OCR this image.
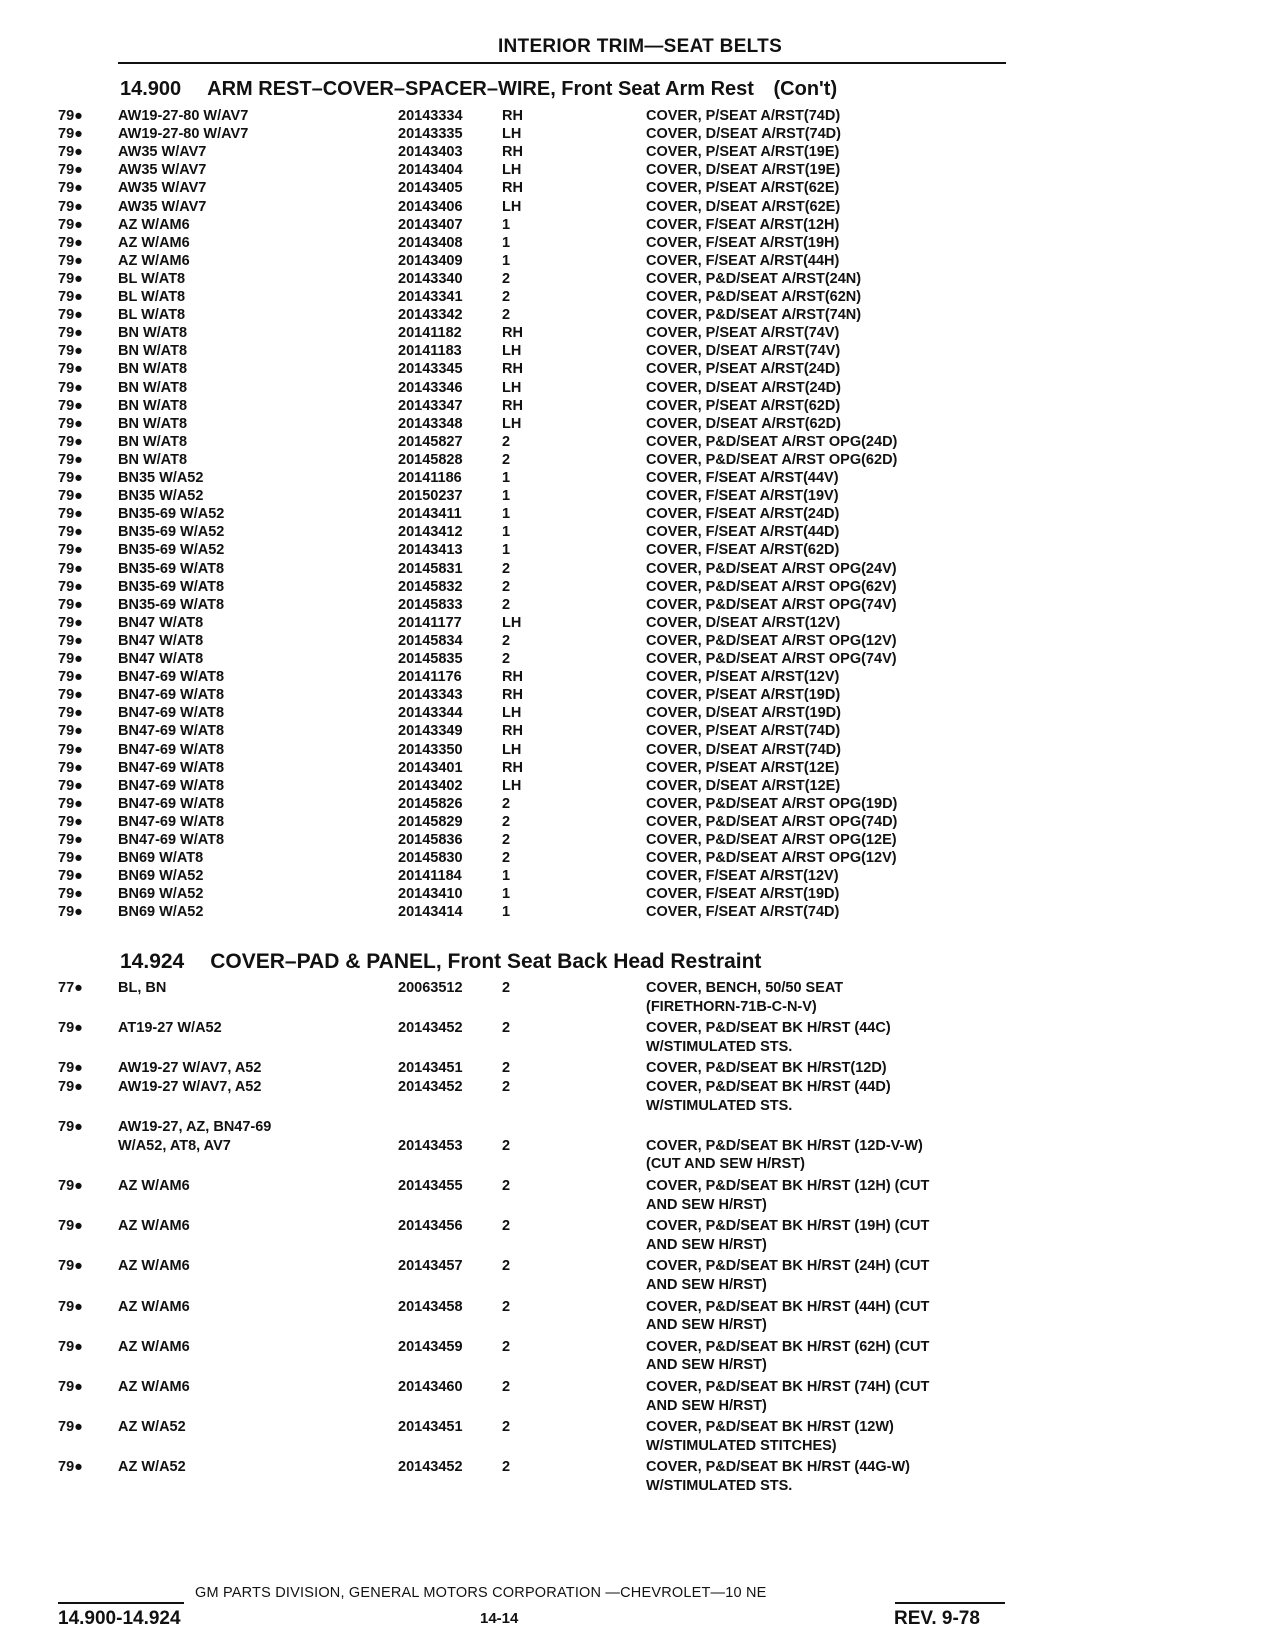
INTERIOR TRIM—SEAT BELTS
14.900 ARM REST–COVER–SPACER–WIRE, Front Seat Arm Rest (Con't)
79● AW19-27-80 W/AV7	20143334	RH	COVER, P/SEAT A/RST(74D)
79● AW19-27-80 W/AV7	20143335	LH	COVER, D/SEAT A/RST(74D)
79● AW35 W/AV7	20143403	RH	COVER, P/SEAT A/RST(19E)
79● AW35 W/AV7	20143404	LH	COVER, D/SEAT A/RST(19E)
79● AW35 W/AV7	20143405	RH	COVER, P/SEAT A/RST(62E)
79● AW35 W/AV7	20143406	LH	COVER, D/SEAT A/RST(62E)
79● AZ W/AM6	20143407	1	COVER, F/SEAT A/RST(12H)
79● AZ W/AM6	20143408	1	COVER, F/SEAT A/RST(19H)
79● AZ W/AM6	20143409	1	COVER, F/SEAT A/RST(44H)
79● BL W/AT8	20143340	2	COVER, P&D/SEAT A/RST(24N)
79● BL W/AT8	20143341	2	COVER, P&D/SEAT A/RST(62N)
79● BL W/AT8	20143342	2	COVER, P&D/SEAT A/RST(74N)
79● BN W/AT8	20141182	RH	COVER, P/SEAT A/RST(74V)
79● BN W/AT8	20141183	LH	COVER, D/SEAT A/RST(74V)
79● BN W/AT8	20143345	RH	COVER, P/SEAT A/RST(24D)
79● BN W/AT8	20143346	LH	COVER, D/SEAT A/RST(24D)
79● BN W/AT8	20143347	RH	COVER, P/SEAT A/RST(62D)
79● BN W/AT8	20143348	LH	COVER, D/SEAT A/RST(62D)
79● BN W/AT8	20145827	2	COVER, P&D/SEAT A/RST OPG(24D)
79● BN W/AT8	20145828	2	COVER, P&D/SEAT A/RST OPG(62D)
79● BN35 W/A52	20141186	1	COVER, F/SEAT A/RST(44V)
79● BN35 W/A52	20150237	1	COVER, F/SEAT A/RST(19V)
79● BN35-69 W/A52	20143411	1	COVER, F/SEAT A/RST(24D)
79● BN35-69 W/A52	20143412	1	COVER, F/SEAT A/RST(44D)
79● BN35-69 W/A52	20143413	1	COVER, F/SEAT A/RST(62D)
79● BN35-69 W/AT8	20145831	2	COVER, P&D/SEAT A/RST OPG(24V)
79● BN35-69 W/AT8	20145832	2	COVER, P&D/SEAT A/RST OPG(62V)
79● BN35-69 W/AT8	20145833	2	COVER, P&D/SEAT A/RST OPG(74V)
79● BN47 W/AT8	20141177	LH	COVER, D/SEAT A/RST(12V)
79● BN47 W/AT8	20145834	2	COVER, P&D/SEAT A/RST OPG(12V)
79● BN47 W/AT8	20145835	2	COVER, P&D/SEAT A/RST OPG(74V)
79● BN47-69 W/AT8	20141176	RH	COVER, P/SEAT A/RST(12V)
79● BN47-69 W/AT8	20143343	RH	COVER, P/SEAT A/RST(19D)
79● BN47-69 W/AT8	20143344	LH	COVER, D/SEAT A/RST(19D)
79● BN47-69 W/AT8	20143349	RH	COVER, P/SEAT A/RST(74D)
79● BN47-69 W/AT8	20143350	LH	COVER, D/SEAT A/RST(74D)
79● BN47-69 W/AT8	20143401	RH	COVER, P/SEAT A/RST(12E)
79● BN47-69 W/AT8	20143402	LH	COVER, D/SEAT A/RST(12E)
79● BN47-69 W/AT8	20145826	2	COVER, P&D/SEAT A/RST OPG(19D)
79● BN47-69 W/AT8	20145829	2	COVER, P&D/SEAT A/RST OPG(74D)
79● BN47-69 W/AT8	20145836	2	COVER, P&D/SEAT A/RST OPG(12E)
79● BN69 W/AT8	20145830	2	COVER, P&D/SEAT A/RST OPG(12V)
79● BN69 W/A52	20141184	1	COVER, F/SEAT A/RST(12V)
79● BN69 W/A52	20143410	1	COVER, F/SEAT A/RST(19D)
79● BN69 W/A52	20143414	1	COVER, F/SEAT A/RST(74D)
14.924 COVER–PAD & PANEL, Front Seat Back Head Restraint
77● BL, BN	20063512	2	COVER, BENCH, 50/50 SEAT
(FIRETHORN-71B-C-N-V)
79● AT19-27 W/A52	20143452	2	COVER, P&D/SEAT BK H/RST (44C)
W/STIMULATED STS.
79● AW19-27 W/AV7, A52	20143451	2	COVER, P&D/SEAT BK H/RST(12D)
79● AW19-27 W/AV7, A52	20143452	2	COVER, P&D/SEAT BK H/RST (44D)
W/STIMULATED STS.
79● AW19-27, AZ, BN47-69
W/A52, AT8, AV7	20143453	2	COVER, P&D/SEAT BK H/RST (12D-V-W)
(CUT AND SEW H/RST)
79● AZ W/AM6	20143455	2	COVER, P&D/SEAT BK H/RST (12H) (CUT
AND SEW H/RST)
79● AZ W/AM6	20143456	2	COVER, P&D/SEAT BK H/RST (19H) (CUT
AND SEW H/RST)
79● AZ W/AM6	20143457	2	COVER, P&D/SEAT BK H/RST (24H) (CUT
AND SEW H/RST)
79● AZ W/AM6	20143458	2	COVER, P&D/SEAT BK H/RST (44H) (CUT
AND SEW H/RST)
79● AZ W/AM6	20143459	2	COVER, P&D/SEAT BK H/RST (62H) (CUT
AND SEW H/RST)
79● AZ W/AM6	20143460	2	COVER, P&D/SEAT BK H/RST (74H) (CUT
AND SEW H/RST)
79● AZ W/A52	20143451	2	COVER, P&D/SEAT BK H/RST (12W)
W/STIMULATED STITCHES)
79● AZ W/A52	20143452	2	COVER, P&D/SEAT BK H/RST (44G-W)
W/STIMULATED STS.
GM PARTS DIVISION, GENERAL MOTORS CORPORATION —CHEVROLET—10 NE
14.900-14.924	14-14	REV. 9-78
